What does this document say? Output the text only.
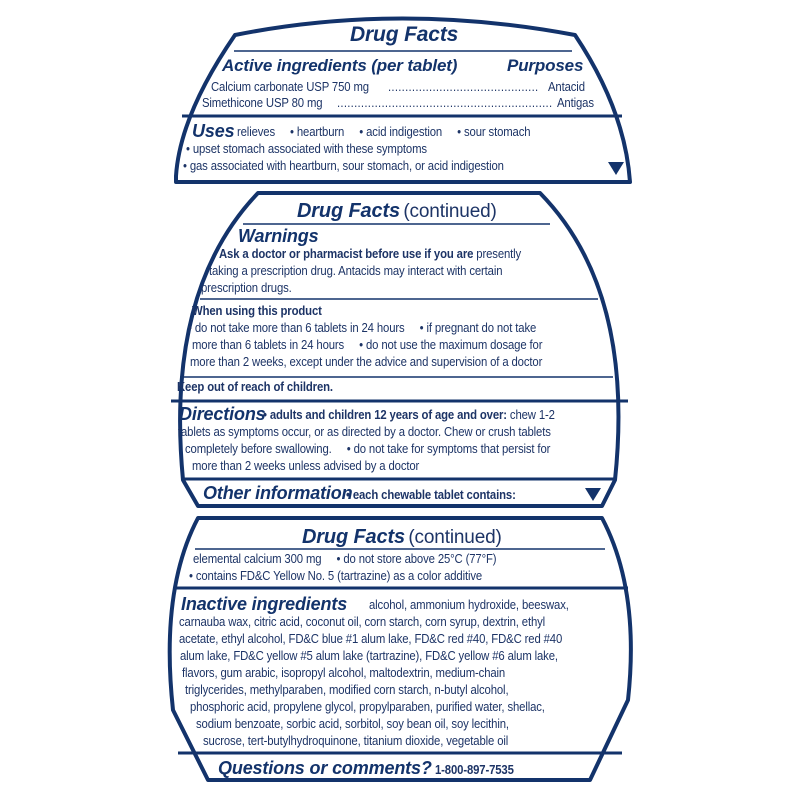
Drug Facts
Active ingredients (per tablet)	Purposes
Calcium carbonate USP 750 mg ............................................ Antacid
Simethicone USP 80 mg ............................................................... Antigas
Uses relieves     • heartburn     • acid indigestion     • sour stomach
• upset stomach associated with these symptoms
• gas associated with heartburn, sour stomach, or acid indigestion
Drug Facts (continued)
Warnings
Ask a doctor or pharmacist before use if you are presently
taking a prescription drug. Antacids may interact with certain
prescription drugs.
When using this product
• do not take more than 6 tablets in 24 hours     • if pregnant do not take
more than 6 tablets in 24 hours     • do not use the maximum dosage for
more than 2 weeks, except under the advice and supervision of a doctor
Keep out of reach of children.
Directions
• adults and children 12 years of age and over: chew 1-2
tablets as symptoms occur, or as directed by a doctor. Chew or crush tablets
completely before swallowing.     • do not take for symptoms that persist for
more than 2 weeks unless advised by a doctor
Other information
• each chewable tablet contains:
Drug Facts (continued)
elemental calcium 300 mg     • do not store above 25°C (77°F)
• contains FD&C Yellow No. 5 (tartrazine) as a color additive
Inactive ingredients alcohol, ammonium hydroxide, beeswax,
carnauba wax, citric acid, coconut oil, corn starch, corn syrup, dextrin, ethyl
acetate, ethyl alcohol, FD&C blue #1 alum lake, FD&C red #40, FD&C red #40
alum lake, FD&C yellow #5 alum lake (tartrazine), FD&C yellow #6 alum lake,
flavors, gum arabic, isopropyl alcohol, maltodextrin, medium-chain
triglycerides, methylparaben, modified corn starch, n-butyl alcohol,
phosphoric acid, propylene glycol, propylparaben, purified water, shellac,
sodium benzoate, sorbic acid, sorbitol, soy bean oil, soy lecithin,
sucrose, tert-butylhydroquinone, titanium dioxide, vegetable oil
Questions or comments? 1-800-897-7535
